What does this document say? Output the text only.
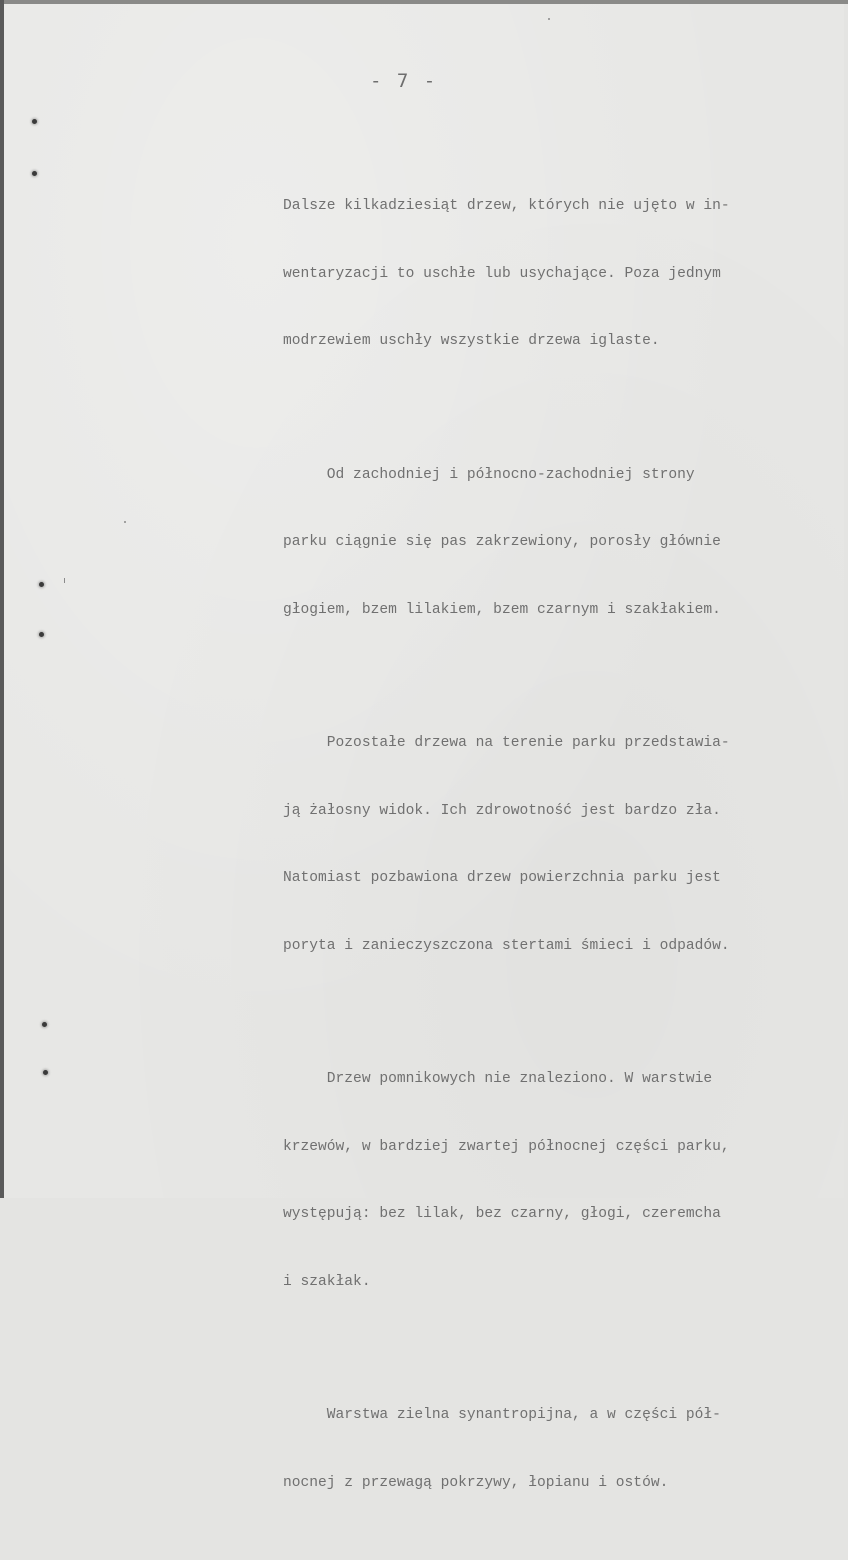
- 7 -

Dalsze kilkadziesiąt drzew, których nie ujęto w in-

wentaryzacji to uschłe lub usychające. Poza jednym

modrzewiem uschły wszystkie drzewa iglaste.

Od zachodniej i północno-zachodniej strony

parku ciągnie się pas zakrzewiony, porosły głównie

głogiem, bzem lilakiem, bzem czarnym i szakłakiem.

Pozostałe drzewa na terenie parku przedstawia-

ją żałosny widok. Ich zdrowotność jest bardzo zła.

Natomiast pozbawiona drzew powierzchnia parku jest

poryta i zanieczyszczona stertami śmieci i odpadów.

Drzew pomnikowych nie znaleziono. W warstwie

krzewów, w bardziej zwartej północnej części parku,

występują: bez lilak, bez czarny, głogi, czeremcha

i szakłak.

Warstwa zielna synantropijna, a w części pół-

nocnej z przewagą pokrzywy, łopianu i ostów.
